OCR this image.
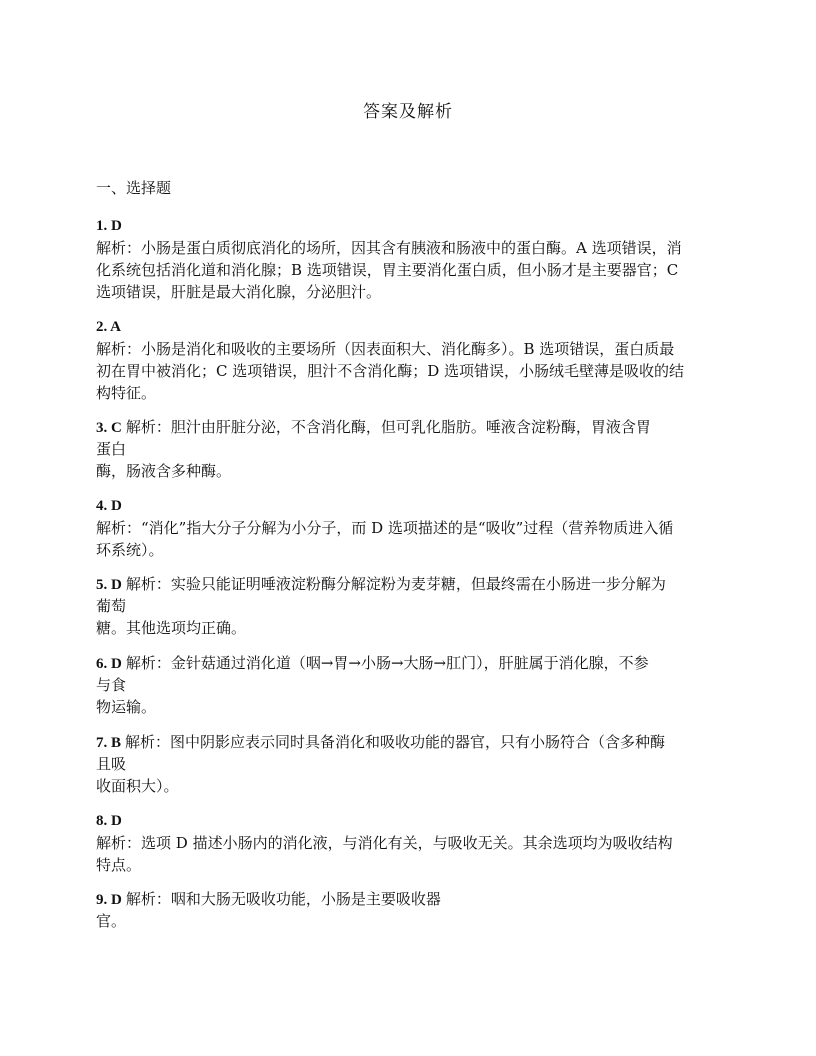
答案及解析
一、选择题
1. D
解析：小肠是蛋白质彻底消化的场所，因其含有胰液和肠液中的蛋白酶。A 选项错误，消
化系统包括消化道和消化腺；B 选项错误，胃主要消化蛋白质，但小肠才是主要器官；C
选项错误，肝脏是最大消化腺，分泌胆汁。
2. A
解析：小肠是消化和吸收的主要场所（因表面积大、消化酶多）。B 选项错误，蛋白质最
初在胃中被消化；C 选项错误，胆汁不含消化酶；D 选项错误，小肠绒毛壁薄是吸收的结
构特征。
3. C 解析：胆汁由肝脏分泌，不含消化酶，但可乳化脂肪。唾液含淀粉酶，胃液含胃
蛋白
酶，肠液含多种酶。
4. D
解析：“消化”指大分子分解为小分子，而 D 选项描述的是“吸收”过程（营养物质进入循
环系统）。
5. D 解析：实验只能证明唾液淀粉酶分解淀粉为麦芽糖，但最终需在小肠进一步分解为
葡萄
糖。其他选项均正确。
6. D 解析：金针菇通过消化道（咽→胃→小肠→大肠→肛门），肝脏属于消化腺，不参
与食
物运输。
7. B 解析：图中阴影应表示同时具备消化和吸收功能的器官，只有小肠符合（含多种酶
且吸
收面积大）。
8. D
解析：选项 D 描述小肠内的消化液，与消化有关，与吸收无关。其余选项均为吸收结构
特点。
9. D 解析：咽和大肠无吸收功能，小肠是主要吸收器
官。
